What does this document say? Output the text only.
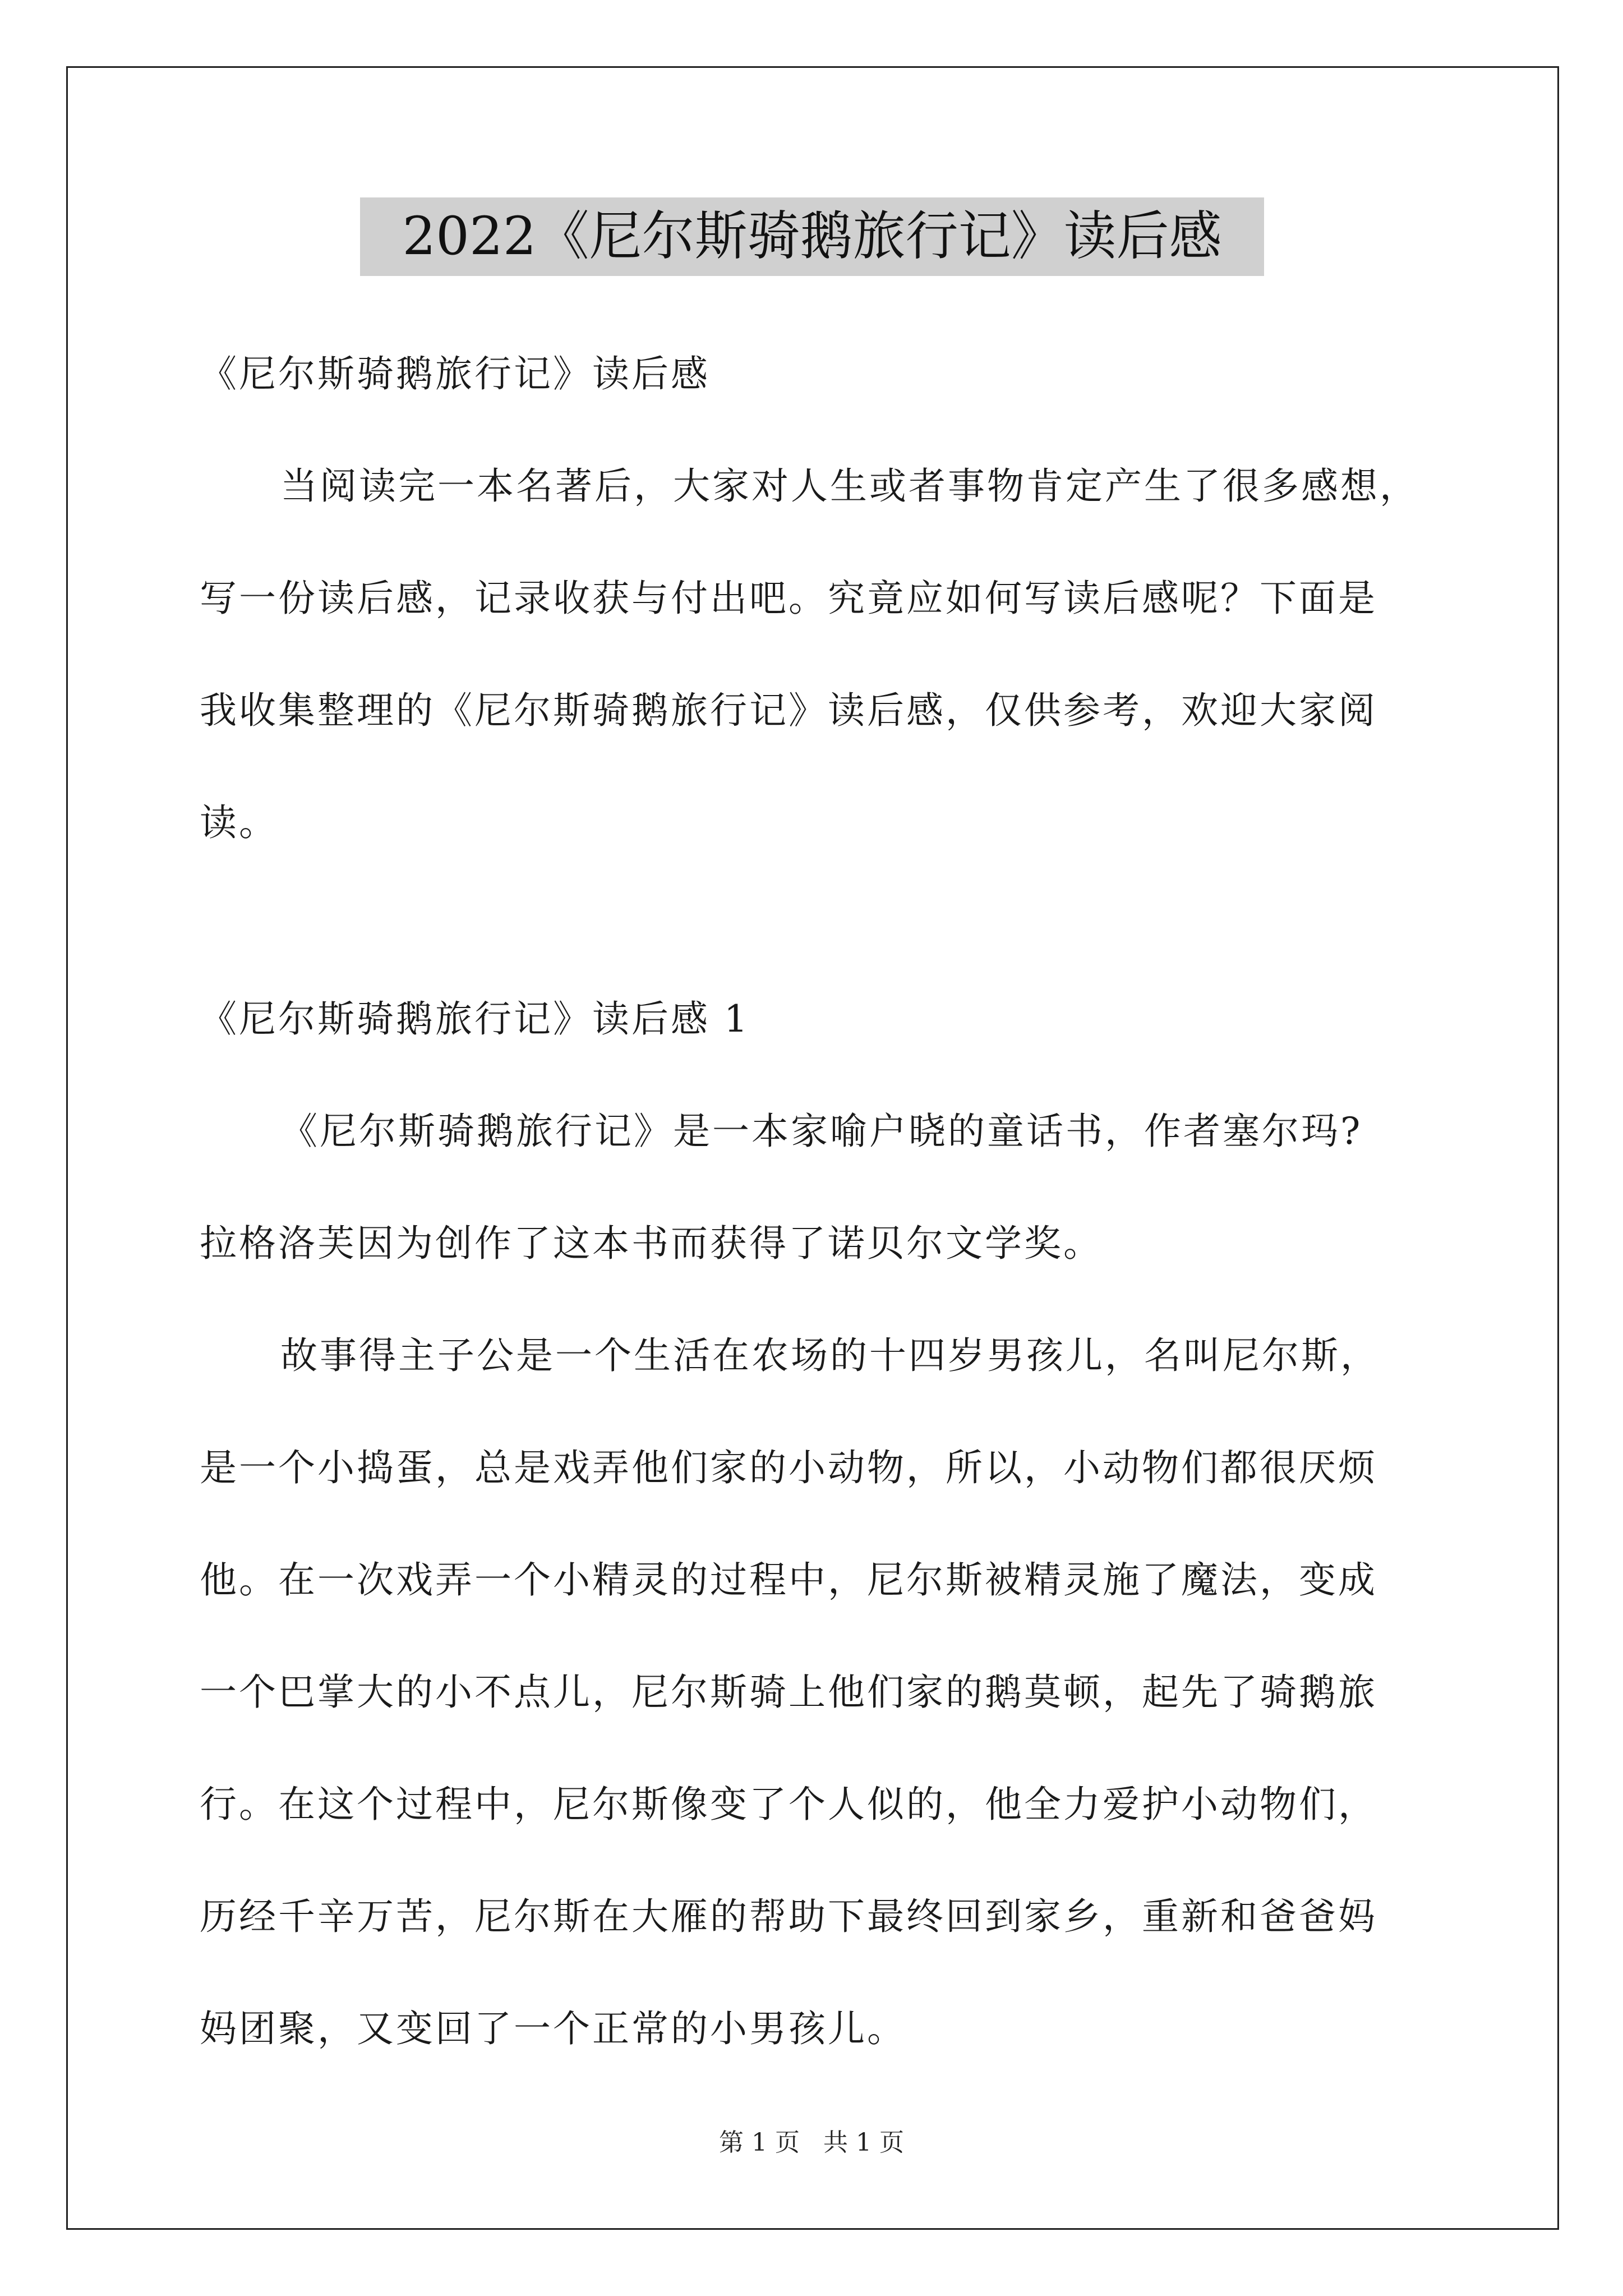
2022《尼尔斯骑鹅旅行记》读后感
《尼尔斯骑鹅旅行记》读后感
当阅读完一本名著后，大家对人生或者事物肯定产生了很多感想，
写一份读后感，记录收获与付出吧。究竟应如何写读后感呢？下面是
我收集整理的《尼尔斯骑鹅旅行记》读后感，仅供参考，欢迎大家阅
读。
《尼尔斯骑鹅旅行记》读后感 1
《尼尔斯骑鹅旅行记》是一本家喻户晓的童话书，作者塞尔玛?
拉格洛芙因为创作了这本书而获得了诺贝尔文学奖。
故事得主子公是一个生活在农场的十四岁男孩儿，名叫尼尔斯，
是一个小捣蛋，总是戏弄他们家的小动物，所以，小动物们都很厌烦
他。在一次戏弄一个小精灵的过程中，尼尔斯被精灵施了魔法，变成
一个巴掌大的小不点儿，尼尔斯骑上他们家的鹅莫顿，起先了骑鹅旅
行。在这个过程中，尼尔斯像变了个人似的，他全力爱护小动物们，
历经千辛万苦，尼尔斯在大雁的帮助下最终回到家乡，重新和爸爸妈
妈团聚，又变回了一个正常的小男孩儿。
第 1 页   共 1 页
